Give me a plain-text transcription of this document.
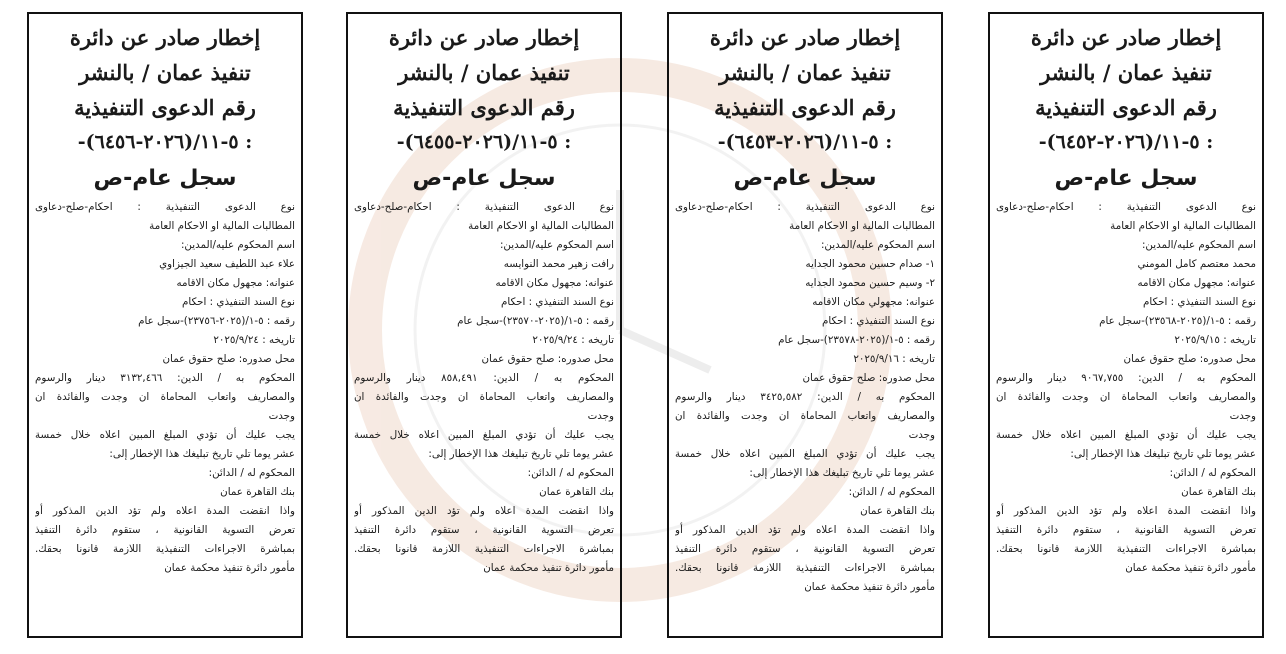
إخطار صادر عن دائرة
تنفيذ عمان / بالنشر
رقم الدعوى التنفيذية
: ٥-١١/(٢٠٢٦-٦٤٥٢)-
سجل عام-ص
نوع الدعوى التنفيذية : احكام-صلح-دعاوى
المطالبات المالية او الاحكام العامة
اسم المحكوم عليه/المدين:
محمد معتصم كامل المومني
عنوانه: مجهول مكان الاقامه
نوع السند التنفيذي : احكام
رقمه : ٥-١/(٢٠٢٥-٢٣٥٦٨)-سجل عام
تاريخه : ٢٠٢٥/٩/١٥
محل صدوره: صلح حقوق عمان
المحكوم به / الدين: ٩٠٦٧,٧٥٥ دينار والرسوم
والمصاريف واتعاب المحاماة ان وجدت والفائدة ان
وجدت
يجب عليك أن تؤدي المبلغ المبين اعلاه خلال خمسة
عشر يوما تلي تاريخ تبليغك هذا الإخطار إلى:
المحكوم له / الدائن:
بنك القاهرة عمان
واذا انقضت المدة اعلاه ولم تؤد الدين المذكور أو
تعرض التسوية القانونية ، ستقوم دائرة التنفيذ
بمباشرة الاجراءات التنفيذية اللازمة قانونا بحقك.
مأمور دائرة تنفيذ محكمة عمان
إخطار صادر عن دائرة
تنفيذ عمان / بالنشر
رقم الدعوى التنفيذية
: ٥-١١/(٢٠٢٦-٦٤٥٣)-
سجل عام-ص
نوع الدعوى التنفيذية : احكام-صلح-دعاوى
المطالبات المالية او الاحكام العامة
اسم المحكوم عليه/المدين:
١- صدام حسين محمود الجدايه
٢- وسيم حسين محمود الجدايه
عنوانه: مجهولي مكان الاقامه
نوع السند التنفيذي : احكام
رقمه : ٥-١/(٢٠٢٥-٢٣٥٧٨)-سجل عام
تاريخه : ٢٠٢٥/٩/١٦
محل صدوره: صلح حقوق عمان
المحكوم به / الدين: ٣٤٢٥,٥٨٢ دينار والرسوم
والمصاريف واتعاب المحاماة ان وجدت والفائدة ان
وجدت
يجب عليك أن تؤدي المبلغ المبين اعلاه خلال خمسة
عشر يوما تلي تاريخ تبليغك هذا الإخطار إلى:
المحكوم له / الدائن:
بنك القاهرة عمان
واذا انقضت المدة اعلاه ولم تؤد الدين المذكور أو
تعرض التسوية القانونية ، ستقوم دائرة التنفيذ
بمباشرة الاجراءات التنفيذية اللازمة قانونا بحقك.
مأمور دائرة تنفيذ محكمة عمان
إخطار صادر عن دائرة
تنفيذ عمان / بالنشر
رقم الدعوى التنفيذية
: ٥-١١/(٢٠٢٦-٦٤٥٥)-
سجل عام-ص
نوع الدعوى التنفيذية : احكام-صلح-دعاوى
المطالبات المالية او الاحكام العامة
اسم المحكوم عليه/المدين:
رافت زهير محمد النوايسه
عنوانه: مجهول مكان الاقامه
نوع السند التنفيذي : احكام
رقمه : ٥-١/(٢٠٢٥-٢٣٥٧٠)-سجل عام
تاريخه : ٢٠٢٥/٩/٢٤
محل صدوره: صلح حقوق عمان
المحكوم به / الدين: ٨٥٨,٤٩١ دينار والرسوم
والمصاريف واتعاب المحاماة ان وجدت والفائدة ان
وجدت
يجب عليك أن تؤدي المبلغ المبين اعلاه خلال خمسة
عشر يوما تلي تاريخ تبليغك هذا الإخطار إلى:
المحكوم له / الدائن:
بنك القاهرة عمان
واذا انقضت المدة اعلاه ولم تؤد الدين المذكور أو
تعرض التسوية القانونية ، ستقوم دائرة التنفيذ
بمباشرة الاجراءات التنفيذية اللازمة قانونا بحقك.
مأمور دائرة تنفيذ محكمة عمان
إخطار صادر عن دائرة
تنفيذ عمان / بالنشر
رقم الدعوى التنفيذية
: ٥-١١/(٢٠٢٦-٦٤٥٦)-
سجل عام-ص
نوع الدعوى التنفيذية : احكام-صلح-دعاوى
المطالبات المالية او الاحكام العامة
اسم المحكوم عليه/المدين:
علاء عبد اللطيف سعيد الجيزاوي
عنوانه: مجهول مكان الاقامه
نوع السند التنفيذي : احكام
رقمه : ٥-١/(٢٠٢٥-٢٣٧٥٦)-سجل عام
تاريخه : ٢٠٢٥/٩/٢٤
محل صدوره: صلح حقوق عمان
المحكوم به / الدين: ٣١٣٢,٤٦٦ دينار والرسوم
والمصاريف واتعاب المحاماة ان وجدت والفائدة ان
وجدت
يجب عليك أن تؤدي المبلغ المبين اعلاه خلال خمسة
عشر يوما تلي تاريخ تبليغك هذا الإخطار إلى:
المحكوم له / الدائن:
بنك القاهرة عمان
واذا انقضت المدة اعلاه ولم تؤد الدين المذكور أو
تعرض التسوية القانونية ، ستقوم دائرة التنفيذ
بمباشرة الاجراءات التنفيذية اللازمة قانونا بحقك.
مأمور دائرة تنفيذ محكمة عمان
